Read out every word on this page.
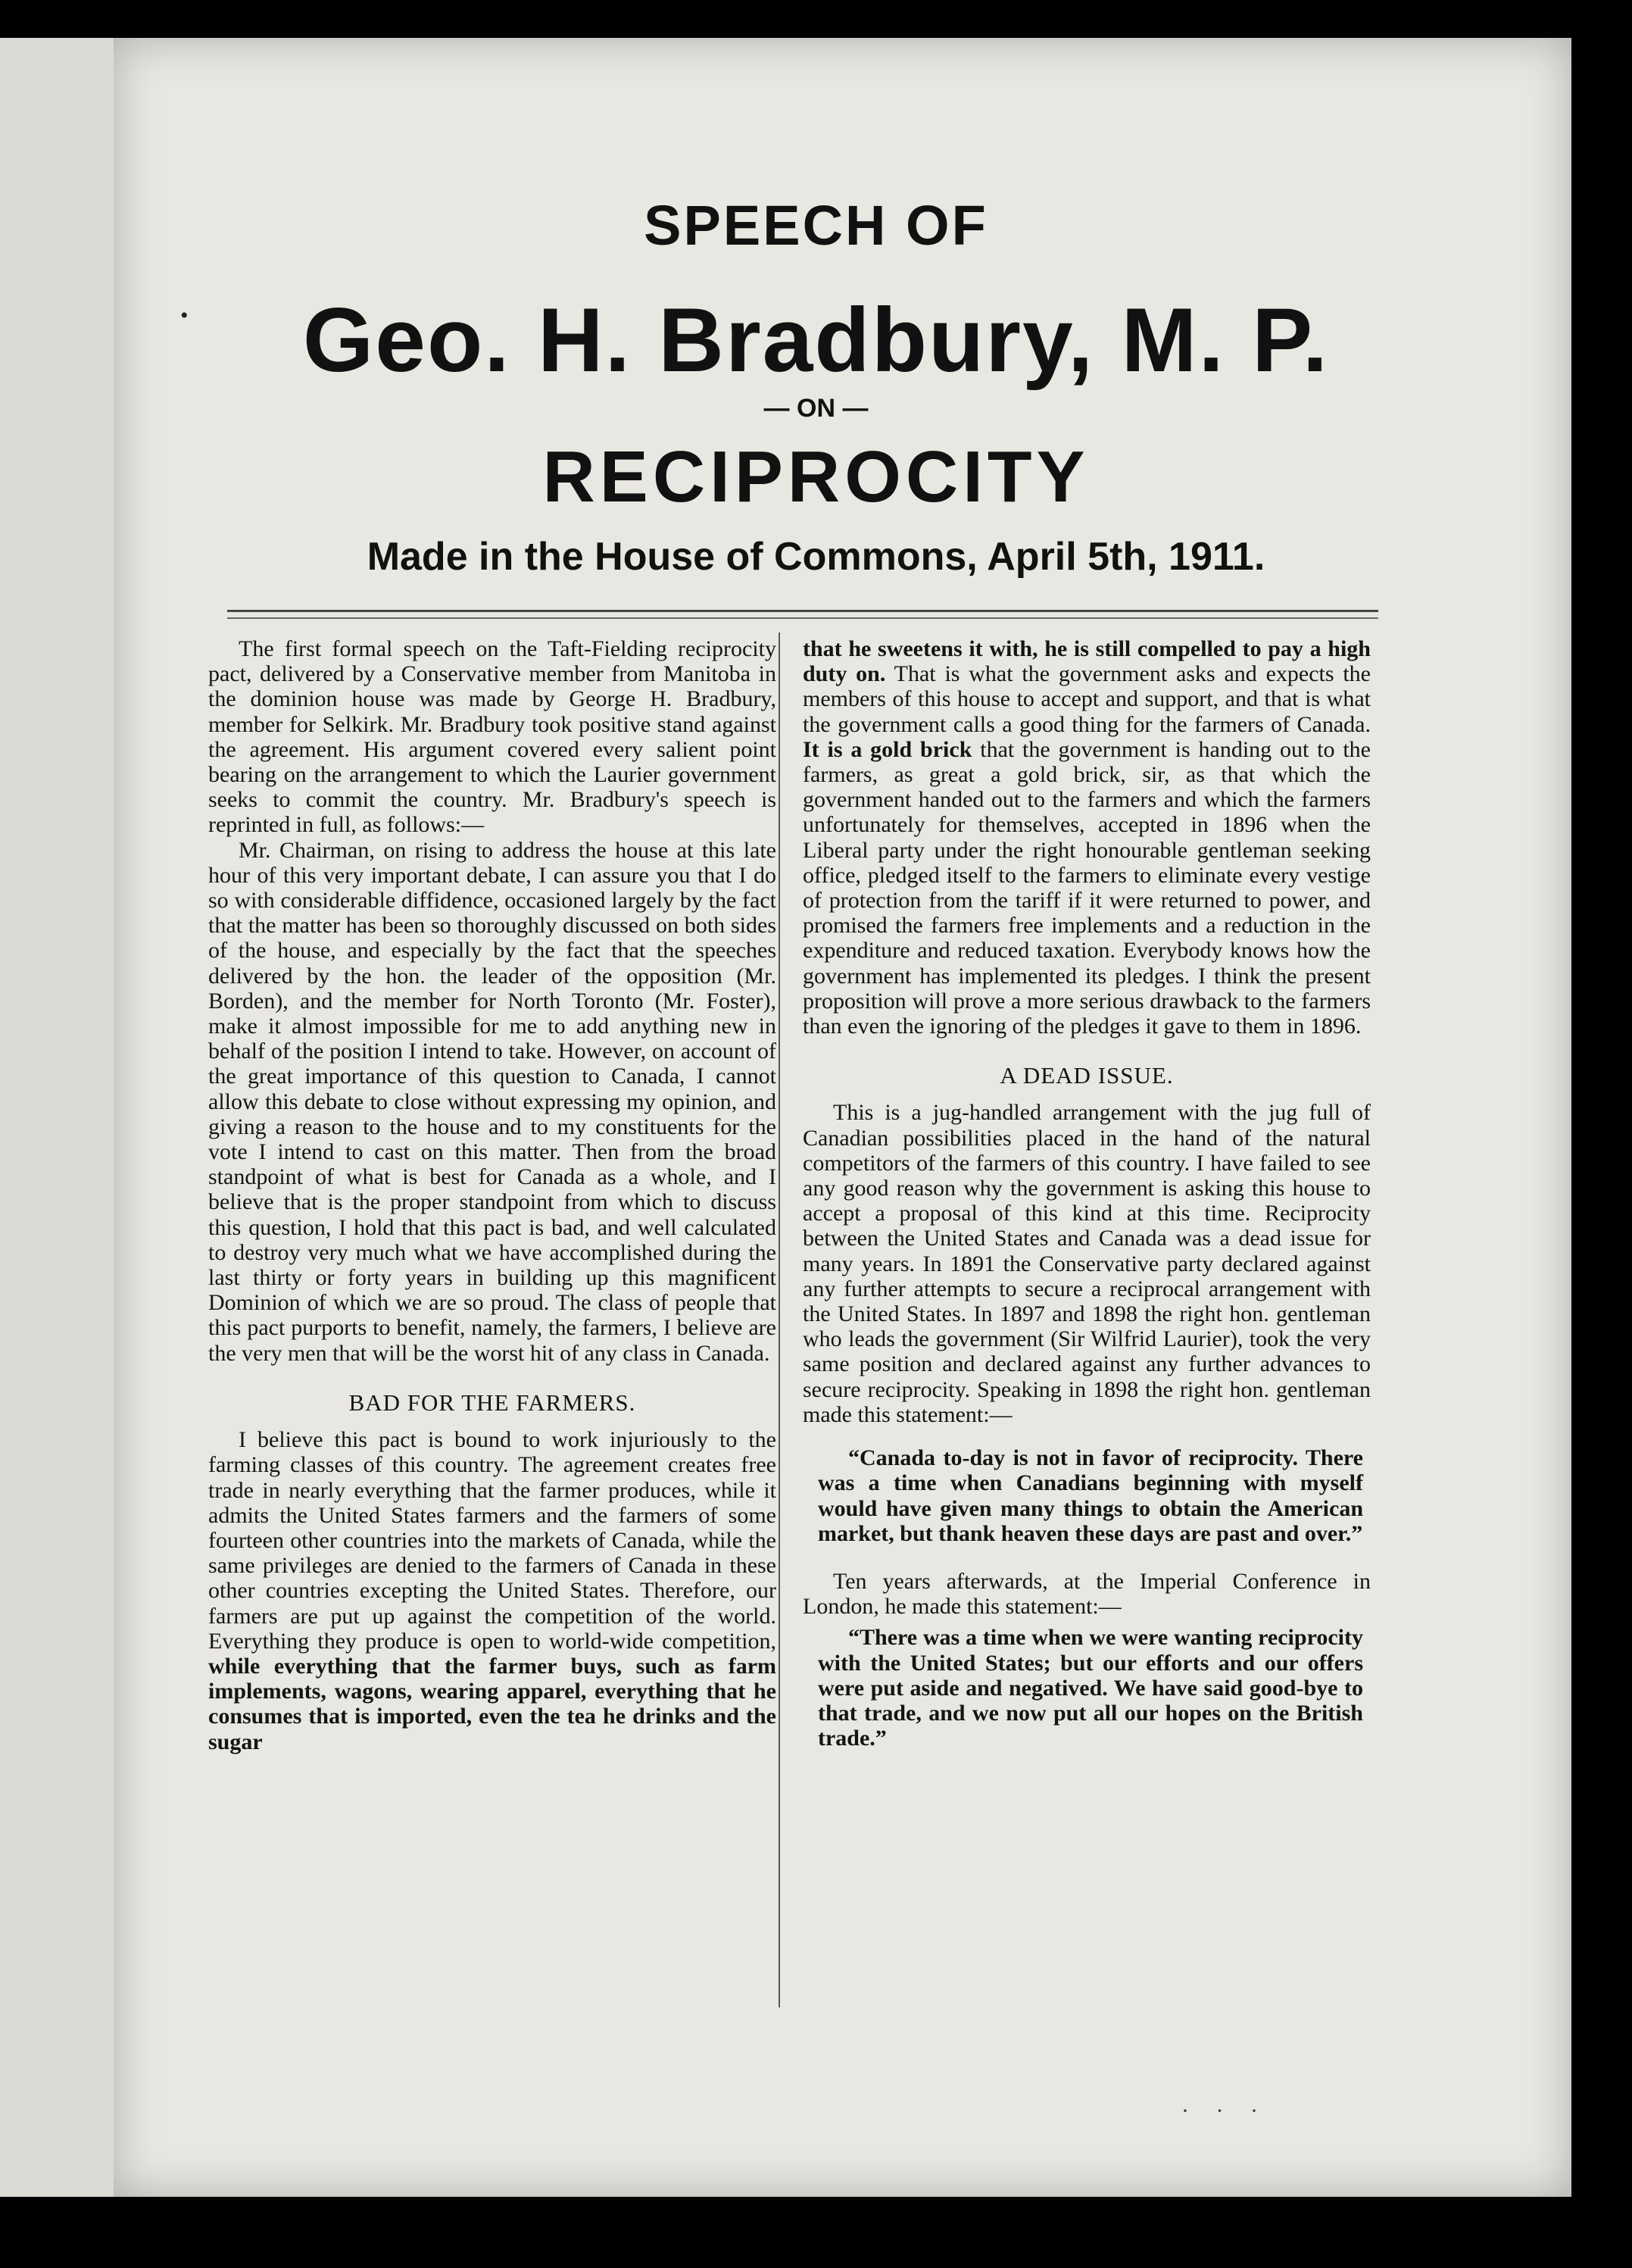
•
SPEECH OF
Geo. H. Bradbury, M. P.
— ON —
RECIPROCITY
Made in the House of Commons, April 5th, 1911.

The first formal speech on the Taft-Fielding reciprocity pact, delivered by a Conservative member from Manitoba in the dominion house was made by George H. Bradbury, member for Selkirk. Mr. Bradbury took positive stand against the agreement. His argument covered every salient point bearing on the arrangement to which the Laurier government seeks to commit the country. Mr. Bradbury's speech is reprinted in full, as follows:—

Mr. Chairman, on rising to address the house at this late hour of this very important debate, I can assure you that I do so with considerable diffidence, occasioned largely by the fact that the matter has been so thoroughly discussed on both sides of the house, and especially by the fact that the speeches delivered by the hon. the leader of the opposition (Mr. Borden), and the member for North Toronto (Mr. Foster), make it almost impossible for me to add anything new in behalf of the position I intend to take. However, on account of the great importance of this question to Canada, I cannot allow this debate to close without expressing my opinion, and giving a reason to the house and to my constituents for the vote I intend to cast on this matter. Then from the broad standpoint of what is best for Canada as a whole, and I believe that is the proper standpoint from which to discuss this question, I hold that this pact is bad, and well calculated to destroy very much what we have accomplished during the last thirty or forty years in building up this magnificent Dominion of which we are so proud. The class of people that this pact purports to benefit, namely, the farmers, I believe are the very men that will be the worst hit of any class in Canada.

BAD FOR THE FARMERS.

I believe this pact is bound to work injuriously to the farming classes of this country. The agreement creates free trade in nearly everything that the farmer produces, while it admits the United States farmers and the farmers of some fourteen other countries into the markets of Canada, while the same privileges are denied to the farmers of Canada in these other countries excepting the United States. Therefore, our farmers are put up against the competition of the world. Everything they produce is open to world-wide competition, while everything that the farmer buys, such as farm implements, wagons, wearing apparel, everything that he consumes that is imported, even the tea he drinks and the sugar

that he sweetens it with, he is still compelled to pay a high duty on. That is what the government asks and expects the members of this house to accept and support, and that is what the government calls a good thing for the farmers of Canada. It is a gold brick that the government is handing out to the farmers, as great a gold brick, sir, as that which the government handed out to the farmers and which the farmers unfortunately for themselves, accepted in 1896 when the Liberal party under the right honourable gentleman seeking office, pledged itself to the farmers to eliminate every vestige of protection from the tariff if it were returned to power, and promised the farmers free implements and a reduction in the expenditure and reduced taxation. Everybody knows how the government has implemented its pledges. I think the present proposition will prove a more serious drawback to the farmers than even the ignoring of the pledges it gave to them in 1896.

A DEAD ISSUE.

This is a jug-handled arrangement with the jug full of Canadian possibilities placed in the hand of the natural competitors of the farmers of this country. I have failed to see any good reason why the government is asking this house to accept a proposal of this kind at this time. Reciprocity between the United States and Canada was a dead issue for many years. In 1891 the Conservative party declared against any further attempts to secure a reciprocal arrangement with the United States. In 1897 and 1898 the right hon. gentleman who leads the government (Sir Wilfrid Laurier), took the very same position and declared against any further advances to secure reciprocity. Speaking in 1898 the right hon. gentleman made this statement:—

“Canada to-day is not in favor of reciprocity. There was a time when Canadians beginning with myself would have given many things to obtain the American market, but thank heaven these days are past and over.”

Ten years afterwards, at the Imperial Conference in London, he made this statement:—

“There was a time when we were wanting reciprocity with the United States; but our efforts and our offers were put aside and negatived. We have said good-bye to that trade, and we now put all our hopes on the British trade.”

· · ·
